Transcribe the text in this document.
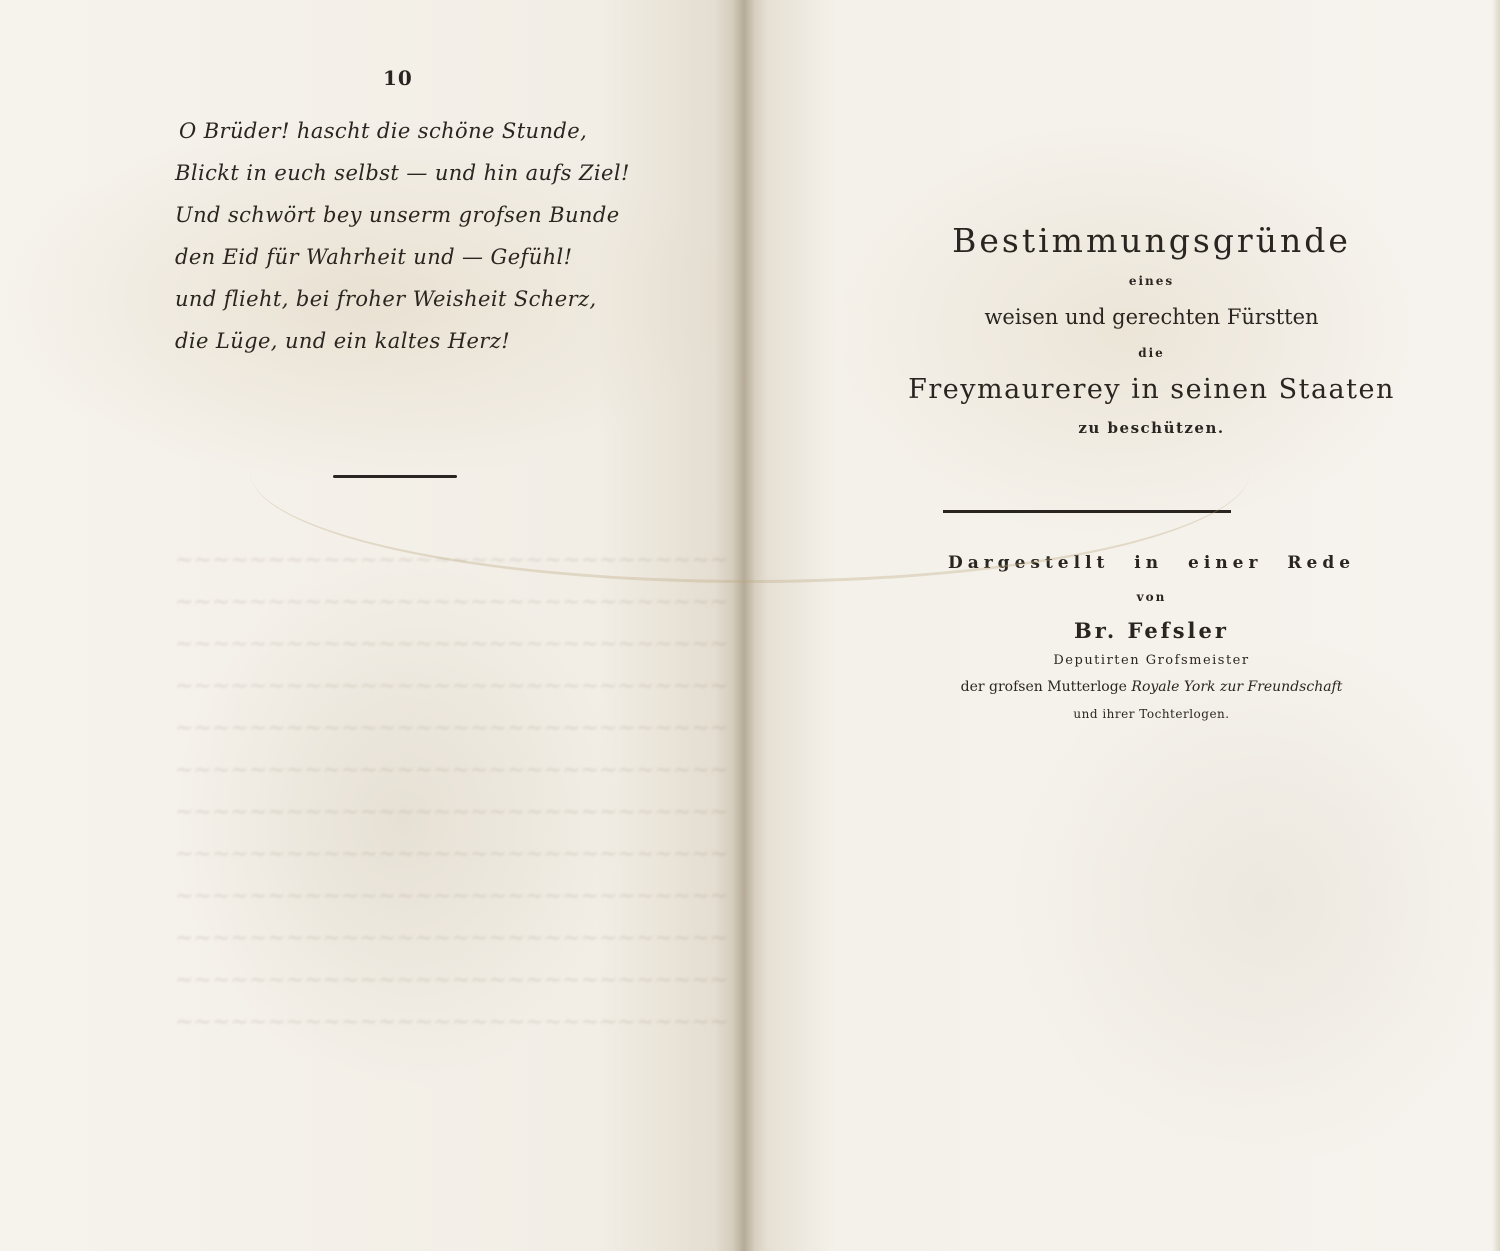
~~~~~~~~~~~~~~~~~~~~~~~~~~~~~~
~~~~~~~~~~~~~~~~~~~~~~~~~~~~~~
~~~~~~~~~~~~~~~~~~~~~~~~~~~~~~
~~~~~~~~~~~~~~~~~~~~~~~~~~~~~~
~~~~~~~~~~~~~~~~~~~~~~~~~~~~~~
~~~~~~~~~~~~~~~~~~~~~~~~~~~~~~
~~~~~~~~~~~~~~~~~~~~~~~~~~~~~~
~~~~~~~~~~~~~~~~~~~~~~~~~~~~~~
~~~~~~~~~~~~~~~~~~~~~~~~~~~~~~
~~~~~~~~~~~~~~~~~~~~~~~~~~~~~~
~~~~~~~~~~~~~~~~~~~~~~~~~~~~~~
~~~~~~~~~~~~~~~~~~~~~~~~~~~~~~
10
O Brüder! hascht die schöne Stunde,
Blickt in euch selbst — und hin aufs Ziel!
Und schwört bey unserm grofsen Bunde
den Eid für Wahrheit und — Gefühl!
und flieht, bei froher Weisheit Scherz,
die Lüge, und ein kaltes Herz!
Bestimmungsgründe
eines
weisen und gerechten Fürstten
die
Freymaurerey in seinen Staaten
zu beschützen.
Dargestellt in einer Rede
von
Br. Fefsler
Deputirten Grofsmeister
der grofsen Mutterloge Royale York zur Freundschaft
und ihrer Tochterlogen.
